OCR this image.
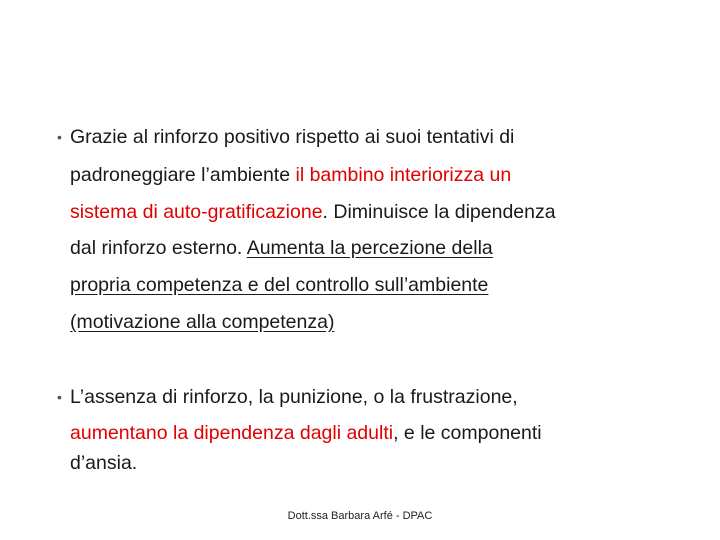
• Grazie al rinforzo positivo rispetto ai suoi tentativi di
padroneggiare l’ambiente il bambino interiorizza un
sistema di auto-gratificazione. Diminuisce la dipendenza
dal rinforzo esterno. Aumenta la percezione della
propria competenza e del controllo sull’ambiente
(motivazione alla competenza)
• L’assenza di rinforzo, la punizione, o la frustrazione,
aumentano la dipendenza dagli adulti, e le componenti
d’ansia.
Dott.ssa Barbara Arfé - DPAC
